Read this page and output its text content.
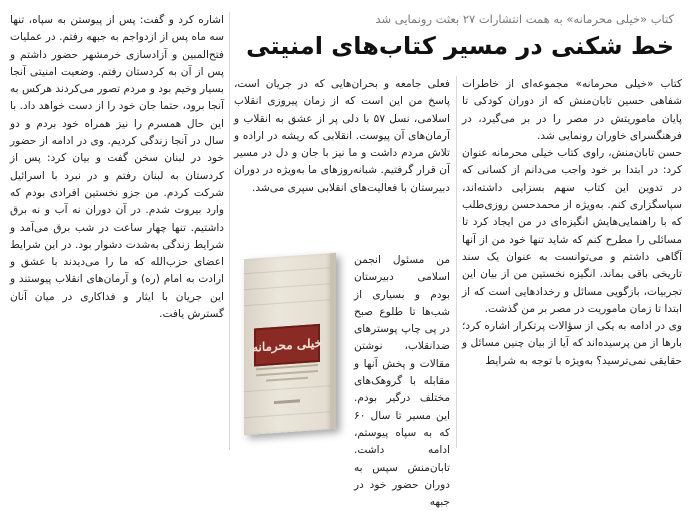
کتاب «خیلی محرمانه» به همت انتشارات ۲۷ بعثت رونمایی شد
خط شکنی در مسیر کتاب‌های امنیتی

کتاب «خیلی محرمانه» مجموعه‌ای از خاطرات شفاهی حسین تابان‌منش که از دوران کودکی تا پایان ماموریتش در مصر را در بر می‌گیرد، در فرهنگسرای خاوران رونمایی شد.

حسن تابان‌منش، راوی کتاب خیلی محرمانه عنوان کرد: در ابتدا بر خود واجب می‌دانم از کسانی که در تدوین این کتاب سهم بسزایی داشته‌اند، سپاسگزاری کنم. به‌ویژه از محمدحسن روزی‌طلب که با راهنمایی‌هایش انگیزه‌ای در من ایجاد کرد تا مسائلی را مطرح کنم که شاید تنها خود من از آنها آگاهی داشتم و می‌توانست به عنوان یک سند تاریخی باقی بماند. انگیزه نخستین من از بیان این تجربیات، بازگویی مسائل و رخدادهایی است که از ابتدا تا زمان ماموریت در مصر بر من گذشت.

وی در ادامه به یکی از سؤالات پرتکرار اشاره کرد؛ بارها از من پرسیده‌اند که آیا از بیان چنین مسائل و حقایقی نمی‌ترسید؟ به‌ویژه با توجه به شرایط

فعلی جامعه و بحران‌هایی که در جریان است، پاسخ من این است که از زمان پیروزی انقلاب اسلامی، نسل ۵۷ با دلی پر از عشق به انقلاب و آرمان‌های آن پیوست. انقلابی که ریشه در اراده و تلاش مردم داشت و ما نیز با جان و دل در مسیر آن قرار گرفتیم. شبانه‌روزهای ما به‌ویژه در دوران دبیرستان با فعالیت‌های انقلابی سپری می‌شد.

من مسئول انجمن اسلامی دبیرستان بودم و بسیاری از شب‌ها تا طلوع صبح در پی چاپ پوسترهای ضدانقلاب، نوشتن مقالات و پخش آنها و مقابله با گروهک‌های مختلف درگیر بودم. این مسیر تا سال ۶۰ که به سپاه پیوستم، ادامه داشت. تابان‌منش سپس به دوران حضور خود در جبهه

خیلی محرمانه

اشاره کرد و گفت: پس از پیوستن به سپاه، تنها سه ماه پس از ازدواجم به جبهه رفتم. در عملیات فتح‌المبین و آزادسازی خرمشهر حضور داشتم و پس از آن به کردستان رفتم. وضعیت امنیتی آنجا بسیار وخیم بود و مردم تصور می‌کردند هرکس به آنجا برود، حتما جان خود را از دست خواهد داد. با این حال همسرم را نیز همراه خود بردم و دو سال در آنجا زندگی کردیم. وی در ادامه از حضور خود در لبنان سخن گفت و بیان کرد: پس از کردستان به لبنان رفتم و در نبرد با اسرائیل شرکت کردم. من جزو نخستین افرادی بودم که وارد بیروت شدم. در آن دوران نه آب و نه برق داشتیم. تنها چهار ساعت در شب برق می‌آمد و شرایط زندگی به‌شدت دشوار بود. در این شرایط اعضای حزب‌الله که ما را می‌دیدند با عشق و ارادت به امام (ره) و آرمان‌های انقلاب پیوستند و این جریان با ایثار و فداکاری در میان آنان گسترش یافت.
